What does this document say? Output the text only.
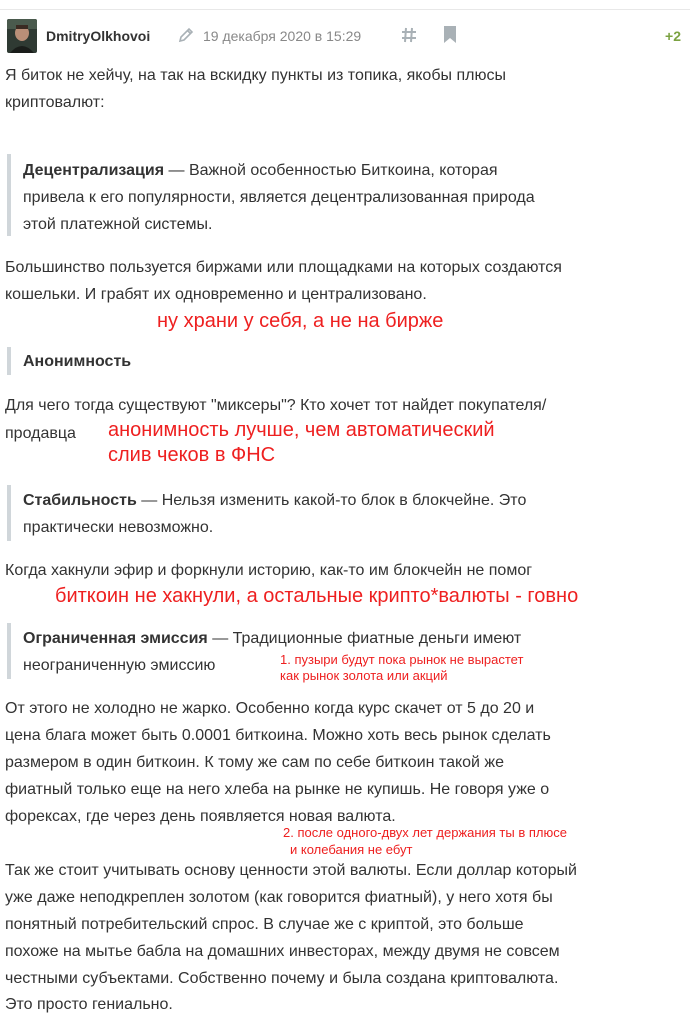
DmitryOlkhovoi	19 декабря 2020 в 15:29	+2
Я биток не хейчу, на так на вскидку пункты из топика, якобы плюсы
криптовалют:
Децентрализация — Важной особенностью Биткоина, которая
привела к его популярности, является децентрализованная природа
этой платежной системы.
Большинство пользуется биржами или площадками на которых создаются
кошельки. И грабят их одновременно и централизовано.
ну храни у себя, а не на бирже
Анонимность
Для чего тогда существуют "миксеры"? Кто хочет тот найдет покупателя/
продавца анонимность лучше, чем автоматический
слив чеков в ФНС
Стабильность — Нельзя изменить какой-то блок в блокчейне. Это
практически невозможно.
Когда хакнули эфир и форкнули историю, как-то им блокчейн не помог
биткоин не хакнули, а остальные крипто*валюты - говно
Ограниченная эмиссия — Традиционные фиатные деньги имеют
неограниченную эмиссию	1. пузыри будут пока рынок не вырастет
как рынок золота или акций
От этого не холодно не жарко. Особенно когда курс скачет от 5 до 20 и
цена блага может быть 0.0001 биткоина. Можно хоть весь рынок сделать
размером в один биткоин. К тому же сам по себе биткоин такой же
фиатный только еще на него хлеба на рынке не купишь. Не говоря уже о
форексах, где через день появляется новая валюта.
2. после одного-двух лет держания ты в плюсе
и колебания не ебут
Так же стоит учитывать основу ценности этой валюты. Если доллар который
уже даже неподкреплен золотом (как говорится фиатный), у него хотя бы
понятный потребительский спрос. В случае же с криптой, это больше
похоже на мытье бабла на домашних инвесторах, между двумя не совсем
честными субъектами. Собственно почему и была создана криптовалюта.
Это просто гениально.
